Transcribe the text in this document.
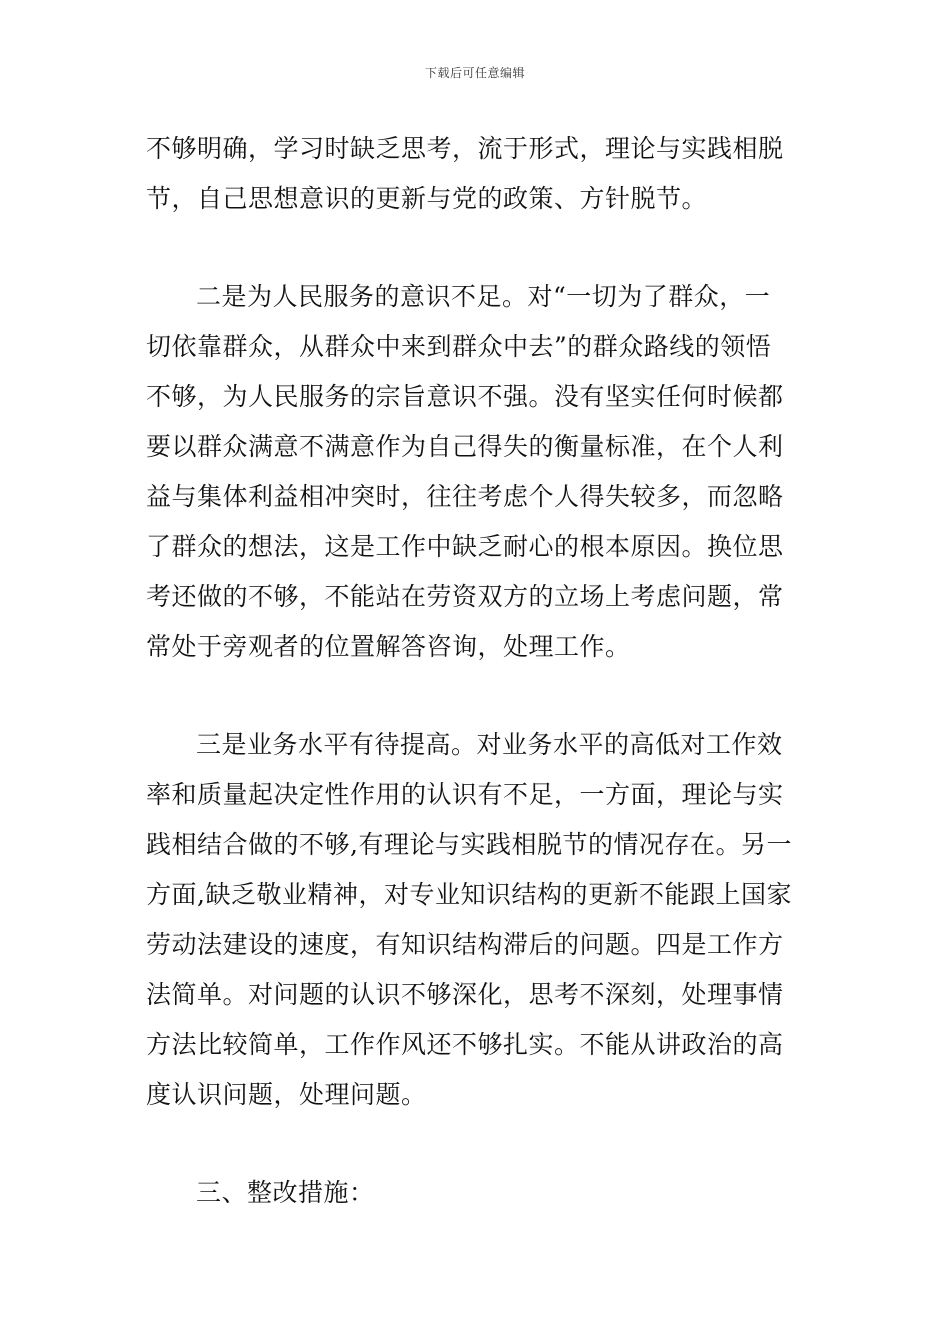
下载后可任意编辑
不够明确，学习时缺乏思考，流于形式，理论与实践相脱
节，自己思想意识的更新与党的政策、方针脱节。
二是为人民服务的意识不足。对“一切为了群众，一
切依靠群众，从群众中来到群众中去”的群众路线的领悟
不够，为人民服务的宗旨意识不强。没有坚实任何时候都
要以群众满意不满意作为自己得失的衡量标准，在个人利
益与集体利益相冲突时，往往考虑个人得失较多，而忽略
了群众的想法，这是工作中缺乏耐心的根本原因。换位思
考还做的不够，不能站在劳资双方的立场上考虑问题，常
常处于旁观者的位置解答咨询，处理工作。
三是业务水平有待提高。对业务水平的高低对工作效
率和质量起决定性作用的认识有不足，一方面，理论与实
践相结合做的不够,有理论与实践相脱节的情况存在。另一
方面,缺乏敬业精神，对专业知识结构的更新不能跟上国家
劳动法建设的速度，有知识结构滞后的问题。四是工作方
法简单。对问题的认识不够深化，思考不深刻，处理事情
方法比较简单，工作作风还不够扎实。不能从讲政治的高
度认识问题，处理问题。
三、整改措施：
